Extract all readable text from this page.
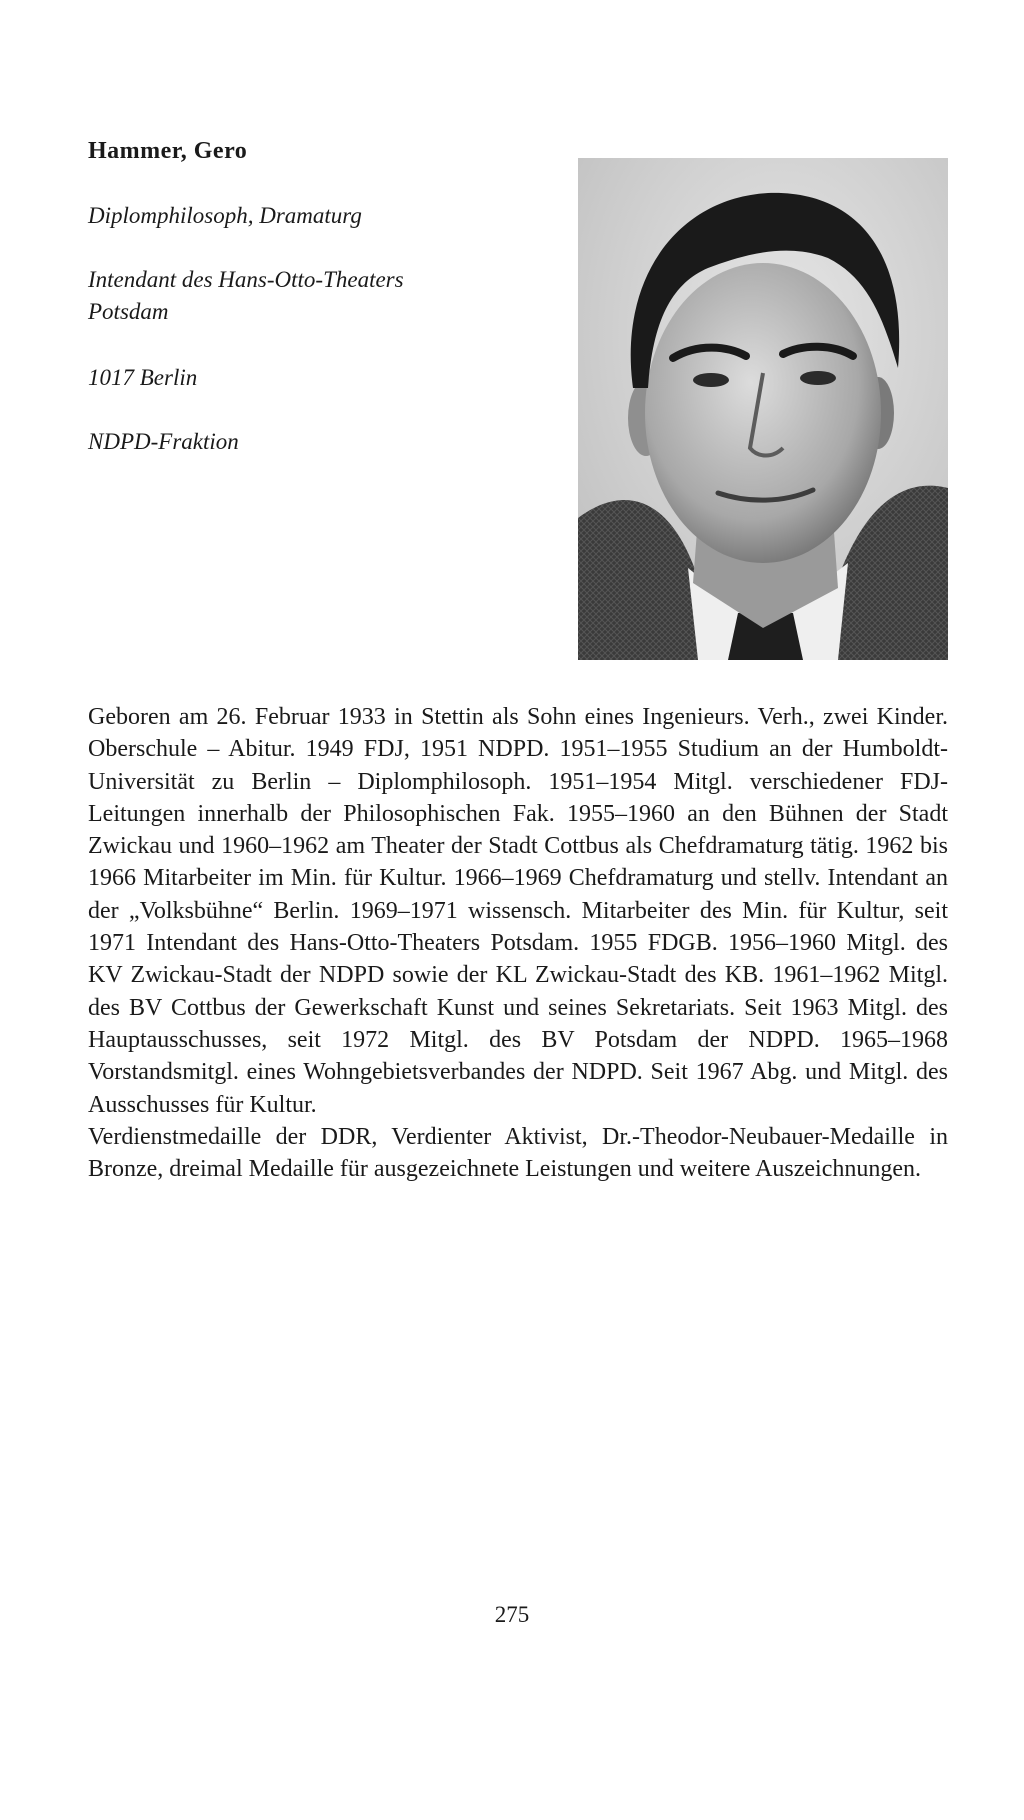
Hammer, Gero
Diplomphilosoph, Dramaturg
Intendant des Hans-Otto-Theaters
Potsdam
1017 Berlin
NDPD-Fraktion

Geboren am 26. Februar 1933 in Stettin als Sohn eines Ingenieurs. Verh., zwei Kinder. Oberschule – Abitur. 1949 FDJ, 1951 NDPD. 1951–1955 Studium an der Humboldt-Universität zu Berlin – Diplomphilosoph. 1951–1954 Mitgl. verschiedener FDJ-Leitungen innerhalb der Philosophischen Fak. 1955–1960 an den Bühnen der Stadt Zwickau und 1960–1962 am Theater der Stadt Cottbus als Chefdramaturg tätig. 1962 bis 1966 Mitarbeiter im Min. für Kultur. 1966–1969 Chefdramaturg und stellv. Intendant an der „Volksbühne“ Berlin. 1969–1971 wissensch. Mitarbeiter des Min. für Kultur, seit 1971 Intendant des Hans-Otto-Theaters Potsdam. 1955 FDGB. 1956–1960 Mitgl. des KV Zwickau-Stadt der NDPD sowie der KL Zwickau-Stadt des KB. 1961–1962 Mitgl. des BV Cottbus der Gewerkschaft Kunst und seines Sekretariats. Seit 1963 Mitgl. des Hauptausschusses, seit 1972 Mitgl. des BV Potsdam der NDPD. 1965–1968 Vorstandsmitgl. eines Wohngebietsverbandes der NDPD. Seit 1967 Abg. und Mitgl. des Ausschusses für Kultur.

Verdienstmedaille der DDR, Verdienter Aktivist, Dr.-Theodor-Neubauer-Medaille in Bronze, dreimal Medaille für ausgezeichnete Leistungen und weitere Auszeichnungen.

275
